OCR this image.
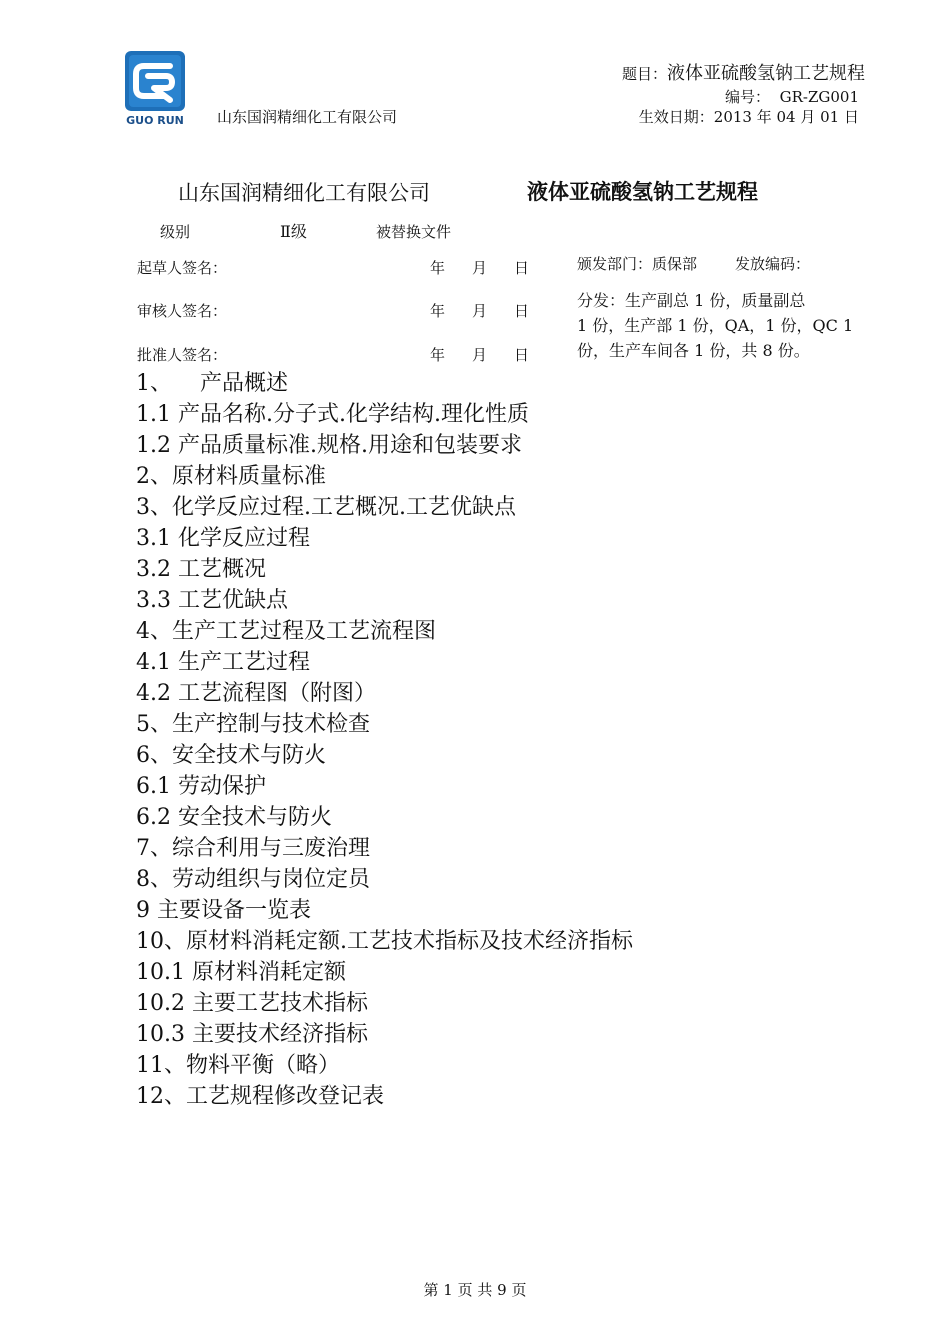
GUO RUN 山东国润精细化工有限公司
题目：液体亚硫酸氢钠工艺规程
编号： GR-ZG001
生效日期：2013 年 04 月 01 日
山东国润精细化工有限公司	液体亚硫酸氢钠工艺规程
级别	Ⅱ级	被替换文件
起草人签名：	年 月 日
审核人签名：	年 月 日
批准人签名：	年 月 日
颁发部门：质保部	发放编码：
分发：生产副总 1 份，质量副总
1 份，生产部 1 份，QA，1 份，QC 1
份，生产车间各 1 份，共 8 份。
1、    产品概述
1.1 产品名称.分子式.化学结构.理化性质
1.2 产品质量标准.规格.用途和包装要求
2、原材料质量标准
3、化学反应过程.工艺概况.工艺优缺点
3.1 化学反应过程
3.2 工艺概况
3.3 工艺优缺点
4、生产工艺过程及工艺流程图
4.1 生产工艺过程
4.2 工艺流程图（附图）
5、生产控制与技术检查
6、安全技术与防火
6.1 劳动保护
6.2 安全技术与防火
7、综合利用与三废治理
8、劳动组织与岗位定员
9 主要设备一览表
10、原材料消耗定额.工艺技术指标及技术经济指标
10.1 原材料消耗定额
10.2 主要工艺技术指标
10.3 主要技术经济指标
11、物料平衡（略）
12、工艺规程修改登记表
第 1 页 共 9 页
